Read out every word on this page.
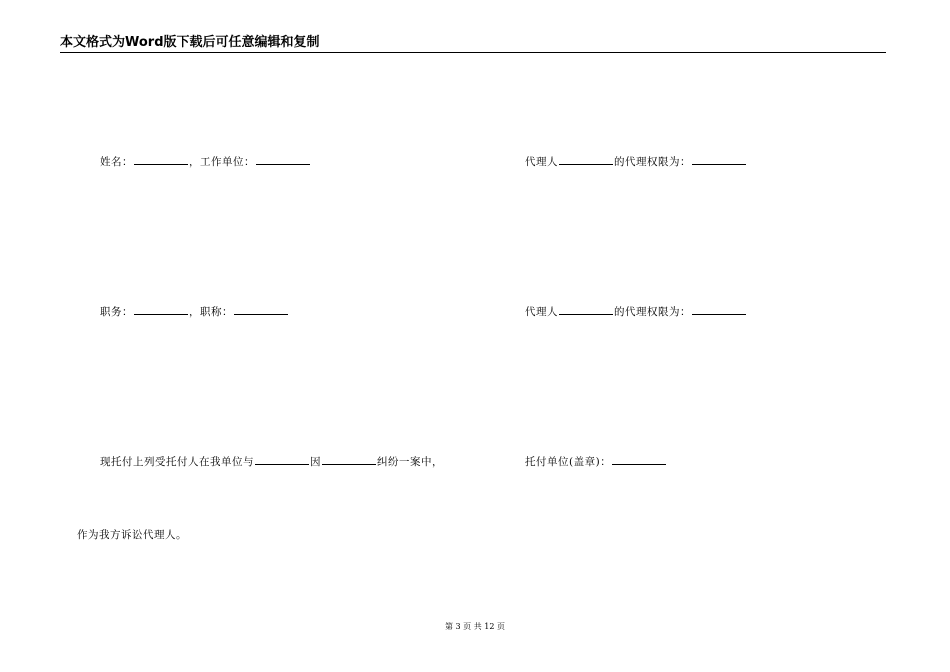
本文格式为Word版下载后可任意编辑和复制
姓名：	，工作单位：
职务：	，职称：
现托付上列受托付人在我单位与	因	纠纷一案中，
作为我方诉讼代理人。
代理人	的代理权限为：
代理人	的代理权限为：
托付单位(盖章)：
第 3 页 共 12 页
